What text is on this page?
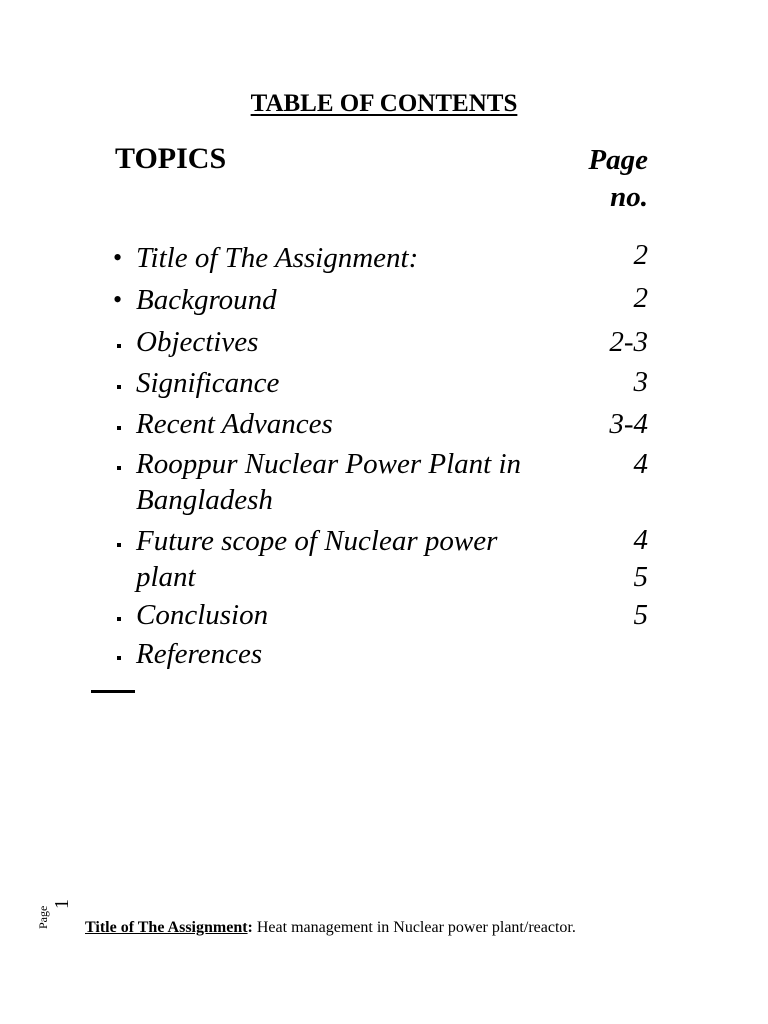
TABLE OF CONTENTS
TOPICS	Page no.
• Title of The Assignment:
• Background
Objectives
Significance
Recent Advances
Rooppur Nuclear Power Plant in Bangladesh
Future scope of Nuclear power plant
Conclusion
References
2
2
2-3
3
3-4
4
4
5
5
Page
1
Title of The Assignment: Heat management in Nuclear power plant/reactor.
